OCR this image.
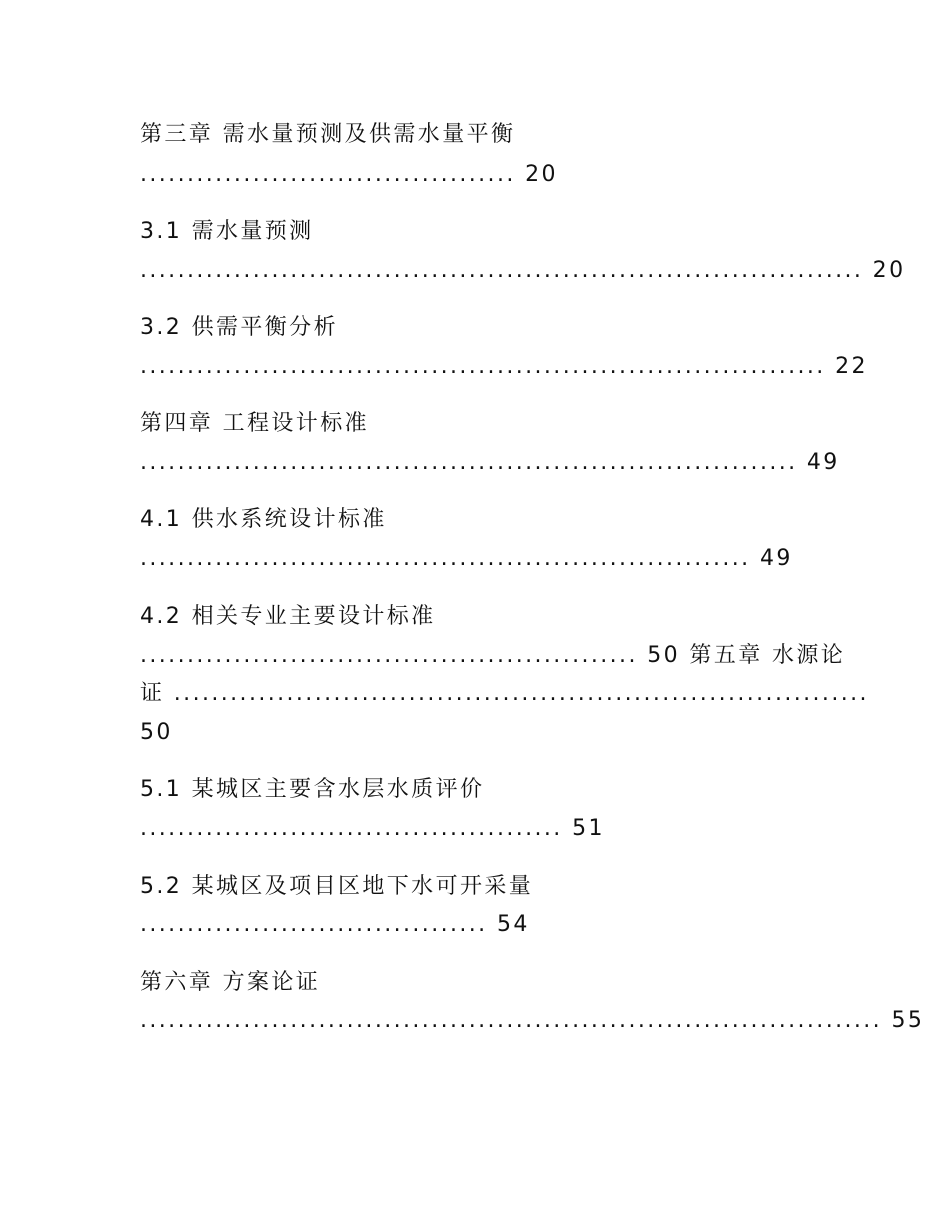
第三章 需水量预测及供需水量平衡
........................................ 20
3.1 需水量预测
............................................................................. 20
3.2 供需平衡分析
......................................................................... 22
第四章 工程设计标准
...................................................................... 49
4.1 供水系统设计标准
................................................................. 49
4.2 相关专业主要设计标准
..................................................... 50 第五章 水源论
证 ..........................................................................
50
5.1 某城区主要含水层水质评价
............................................. 51
5.2 某城区及项目区地下水可开采量
..................................... 54
第六章 方案论证
............................................................................... 55
